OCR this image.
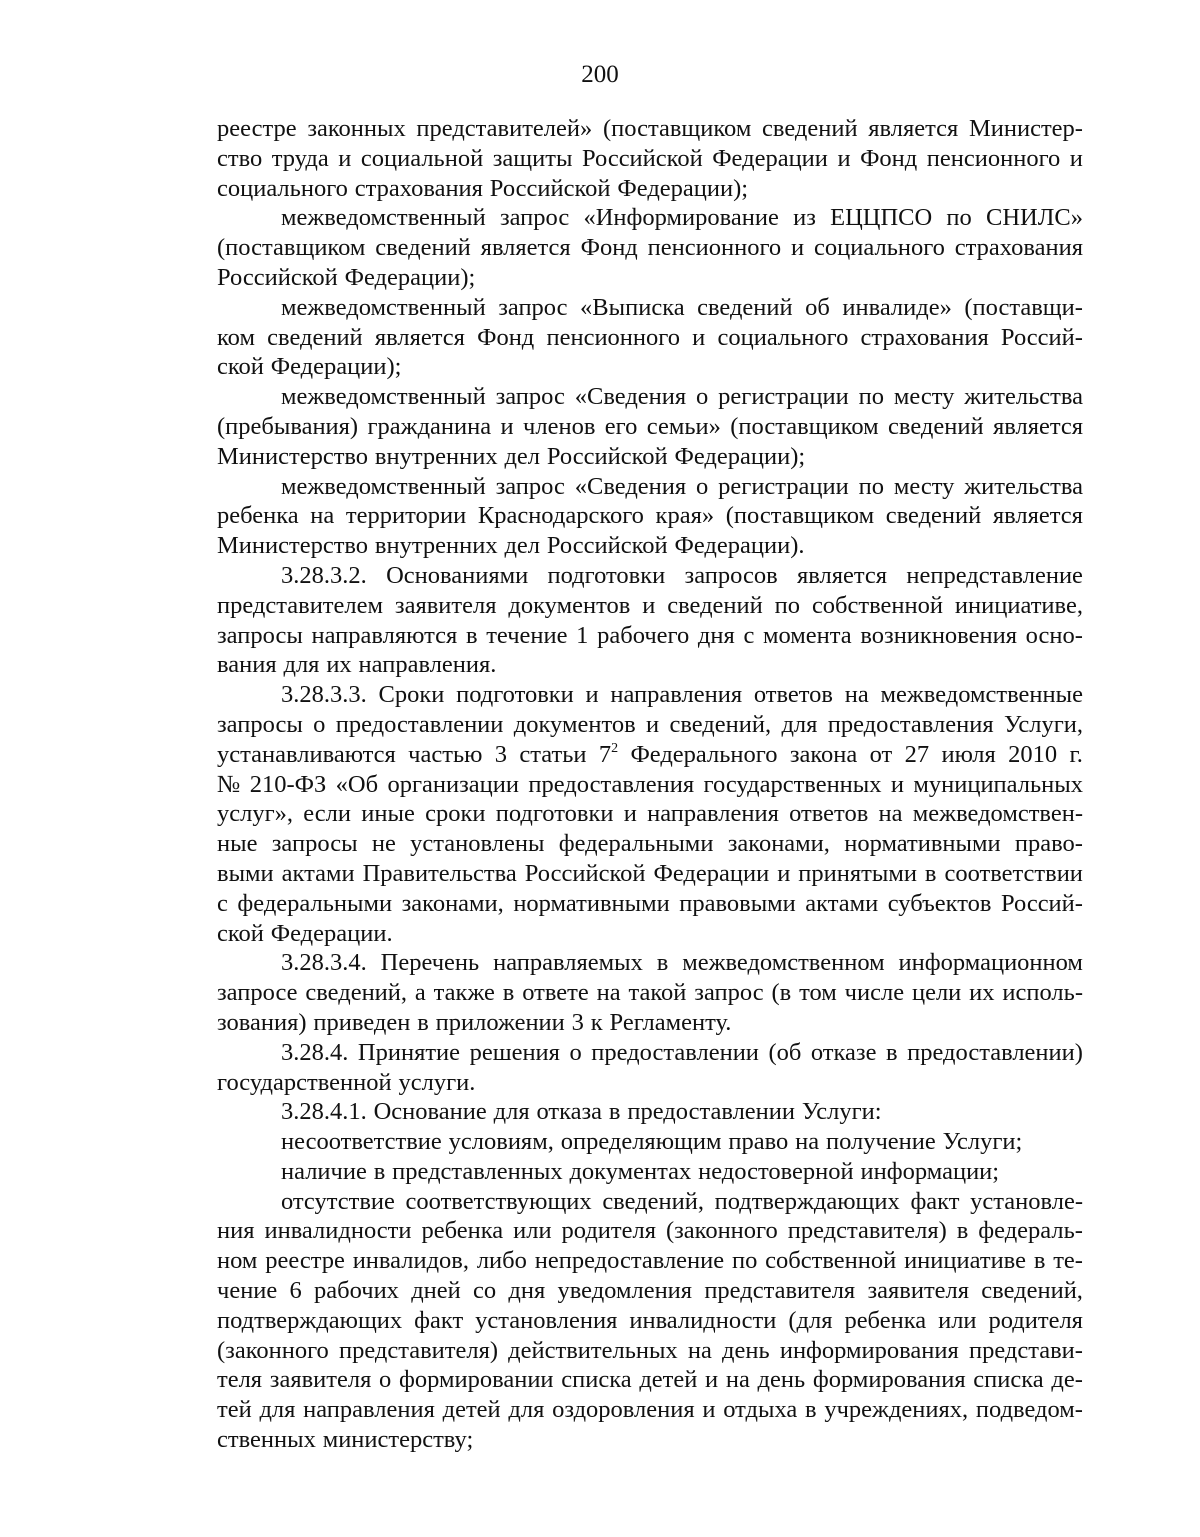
200
реестре законных представителей» (поставщиком сведений является Министер-
ство труда и социальной защиты Российской Федерации и Фонд пенсионного и
социального страхования Российской Федерации);
межведомственный запрос «Информирование из ЕЦЦПСО по СНИЛС»
(поставщиком сведений является Фонд пенсионного и социального страхования
Российской Федерации);
межведомственный запрос «Выписка сведений об инвалиде» (поставщи-
ком сведений является Фонд пенсионного и социального страхования Россий-
ской Федерации);
межведомственный запрос «Сведения о регистрации по месту жительства
(пребывания) гражданина и членов его семьи» (поставщиком сведений является
Министерство внутренних дел Российской Федерации);
межведомственный запрос «Сведения о регистрации по месту жительства
ребенка на территории Краснодарского края» (поставщиком сведений является
Министерство внутренних дел Российской Федерации).
3.28.3.2. Основаниями подготовки запросов является непредставление
представителем заявителя документов и сведений по собственной инициативе,
запросы направляются в течение 1 рабочего дня с момента возникновения осно-
вания для их направления.
3.28.3.3. Сроки подготовки и направления ответов на межведомственные
запросы о предоставлении документов и сведений, для предоставления Услуги,
устанавливаются частью 3 статьи $7^2$ Федерального закона от 27 июля 2010 г.
№ 210-ФЗ «Об организации предоставления государственных и муниципальных
услуг», если иные сроки подготовки и направления ответов на межведомствен-
ные запросы не установлены федеральными законами, нормативными право-
выми актами Правительства Российской Федерации и принятыми в соответствии
с федеральными законами, нормативными правовыми актами субъектов Россий-
ской Федерации.
3.28.3.4. Перечень направляемых в межведомственном информационном
запросе сведений, а также в ответе на такой запрос (в том числе цели их исполь-
зования) приведен в приложении 3 к Регламенту.
3.28.4. Принятие решения о предоставлении (об отказе в предоставлении)
государственной услуги.
3.28.4.1. Основание для отказа в предоставлении Услуги:
несоответствие условиям, определяющим право на получение Услуги;
наличие в представленных документах недостоверной информации;
отсутствие соответствующих сведений, подтверждающих факт установле-
ния инвалидности ребенка или родителя (законного представителя) в федераль-
ном реестре инвалидов, либо непредоставление по собственной инициативе в те-
чение 6 рабочих дней со дня уведомления представителя заявителя сведений,
подтверждающих факт установления инвалидности (для ребенка или родителя
(законного представителя) действительных на день информирования представи-
теля заявителя о формировании списка детей и на день формирования списка де-
тей для направления детей для оздоровления и отдыха в учреждениях, подведом-
ственных министерству;
